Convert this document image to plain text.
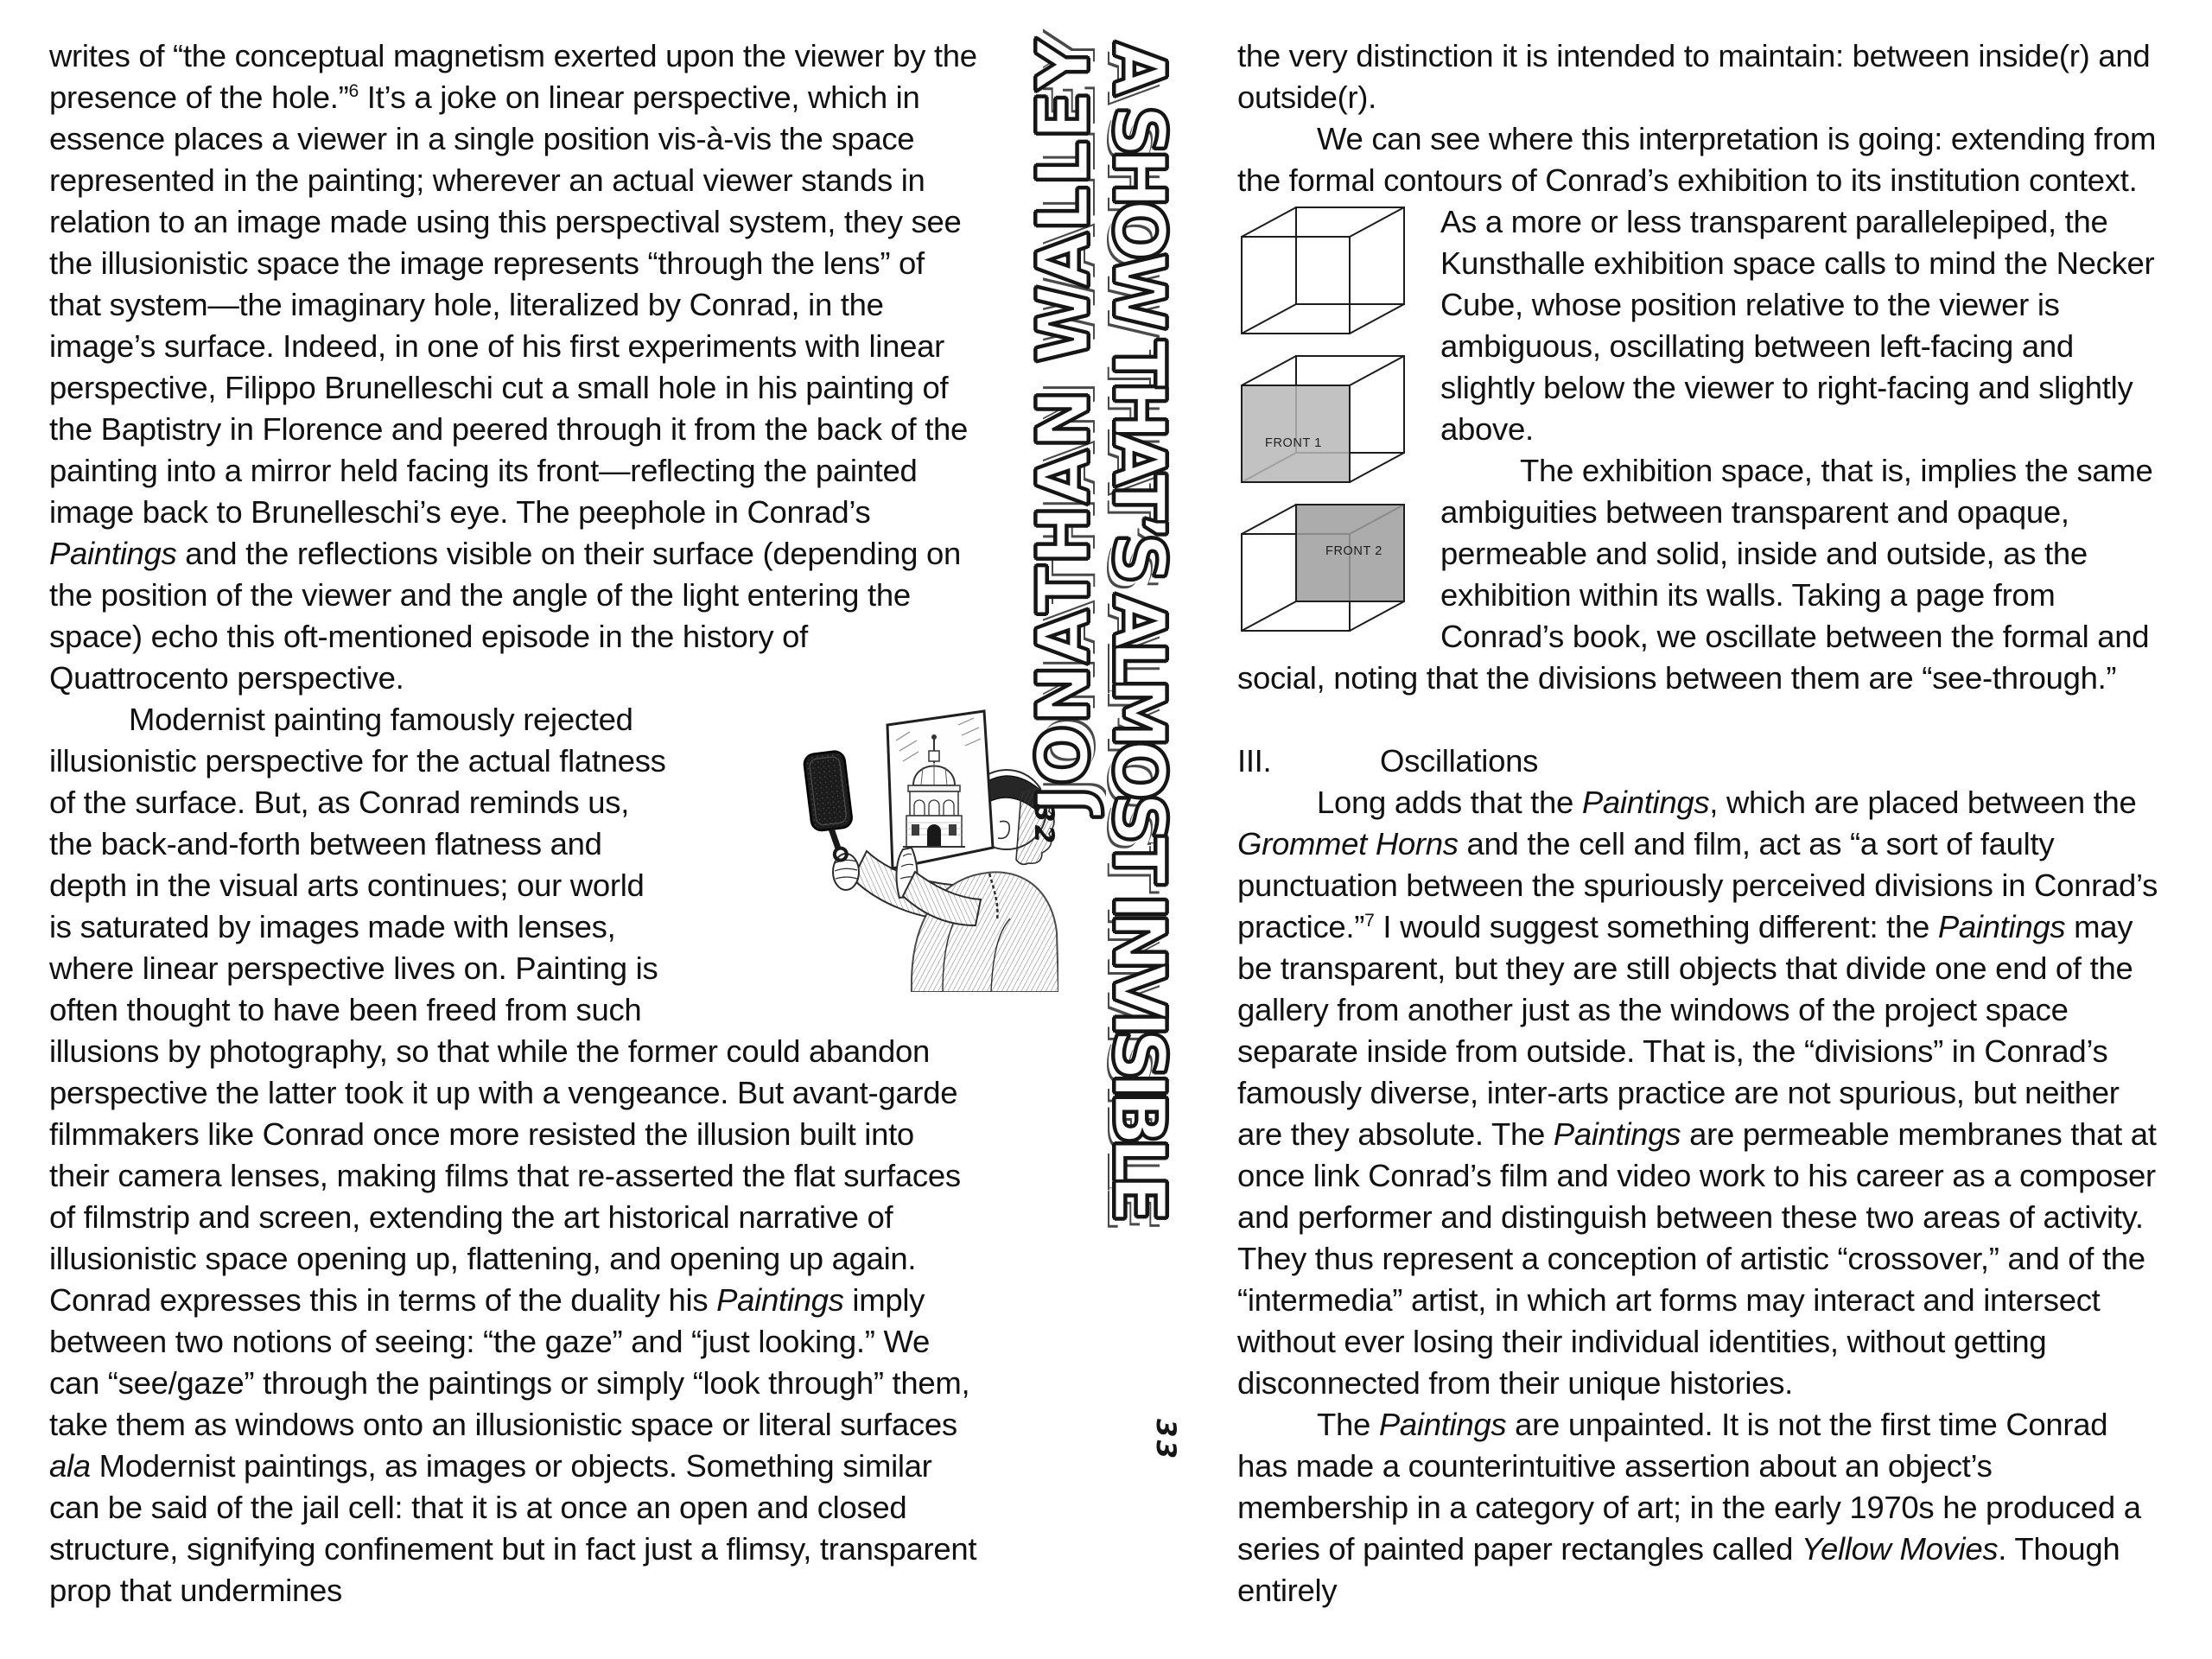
writes of “the conceptual magnetism exerted upon the viewer by the presence of the hole.”$^6$ It’s a joke on linear perspective, which in essence places a viewer in a single position vis-à-vis the space represented in the painting; wherever an actual viewer stands in relation to an image made using this perspectival system, they see the illusionistic space the image represents “through the lens” of that system—the imaginary hole, literalized by Conrad, in the image’s surface. Indeed, in one of his first experiments with linear perspective, Filippo Brunelleschi cut a small hole in his painting of the Baptistry in Florence and peered through it from the back of the painting into a mirror held facing its front—reflecting the painted image back to Brunelleschi’s eye. The peephole in Conrad’s Paintings and the reflections visible on their surface (depending on the position of the viewer and the angle of the light entering the space) echo this oft-mentioned episode in the history of Quattrocento perspective.

Modernist painting famously rejected illusionistic perspective for the actual flatness of the surface. But, as Conrad reminds us, the back-and-forth between flatness and depth in the visual arts continues; our world is saturated by images made with lenses, where linear perspective lives on. Painting is often thought to have been freed from such illusions by photography, so that while the former could abandon perspective the latter took it up with a vengeance. But avant-garde filmmakers like Conrad once more resisted the illusion built into their camera lenses, making films that re-asserted the flat surfaces of filmstrip and screen, extending the art historical narrative of illusionistic space opening up, flattening, and opening up again. Conrad expresses this in terms of the duality his Paintings imply between two notions of seeing: “the gaze” and “just looking.” We can “see/gaze” through the paintings or simply “look through” them, take them as windows onto an illusionistic space or literal surfaces ala Modernist paintings, as images or objects. Something similar can be said of the jail cell: that it is at once an open and closed structure, signifying confinement but in fact just a flimsy, transparent prop that undermines

the very distinction it is intended to maintain: between inside(r) and outside(r).

We can see where this interpretation is going: extending from the formal contours of Conrad’s exhibition to its institution context. As a more or less transparent parallelepiped, the
FRONT 1
FRONT 2
Kunsthalle exhibition space calls to mind the Necker Cube, whose position relative to the viewer is ambiguous, oscillating between left-facing and slightly below the viewer to right-facing and slightly above.

The exhibition space, that is, implies the same ambiguities between transparent and opaque, permeable and solid, inside and outside, as the exhibition within its walls. Taking a page from Conrad’s book, we oscillate between the formal and social, noting that the divisions between them are “see-through.”

III.	Oscillations

Long adds that the Paintings, which are placed between the Grommet Horns and the cell and film, act as “a sort of faulty punctuation between the spuriously perceived divisions in Conrad’s practice.”$^7$ I would suggest something different: the Paintings may be transparent, but they are still objects that divide one end of the gallery from another just as the windows of the project space separate inside from outside. That is, the “divisions” in Conrad’s famously diverse, inter-arts practice are not spurious, but neither are they absolute. The Paintings are permeable membranes that at once link Conrad’s film and video work to his career as a composer and performer and distinguish between these two areas of activity. They thus represent a conception of artistic “crossover,” and of the “intermedia” artist, in which art forms may interact and intersect without ever losing their individual identities, without getting disconnected from their unique histories.

The Paintings are unpainted. It is not the first time Conrad has made a counterintuitive assertion about an object’s membership in a category of art; in the early 1970s he produced a series of painted paper rectangles called Yellow Movies. Though entirely

JONATHAN WALLEY
A SHOW THAT’S ALMOST INVISIBLE
32
33
